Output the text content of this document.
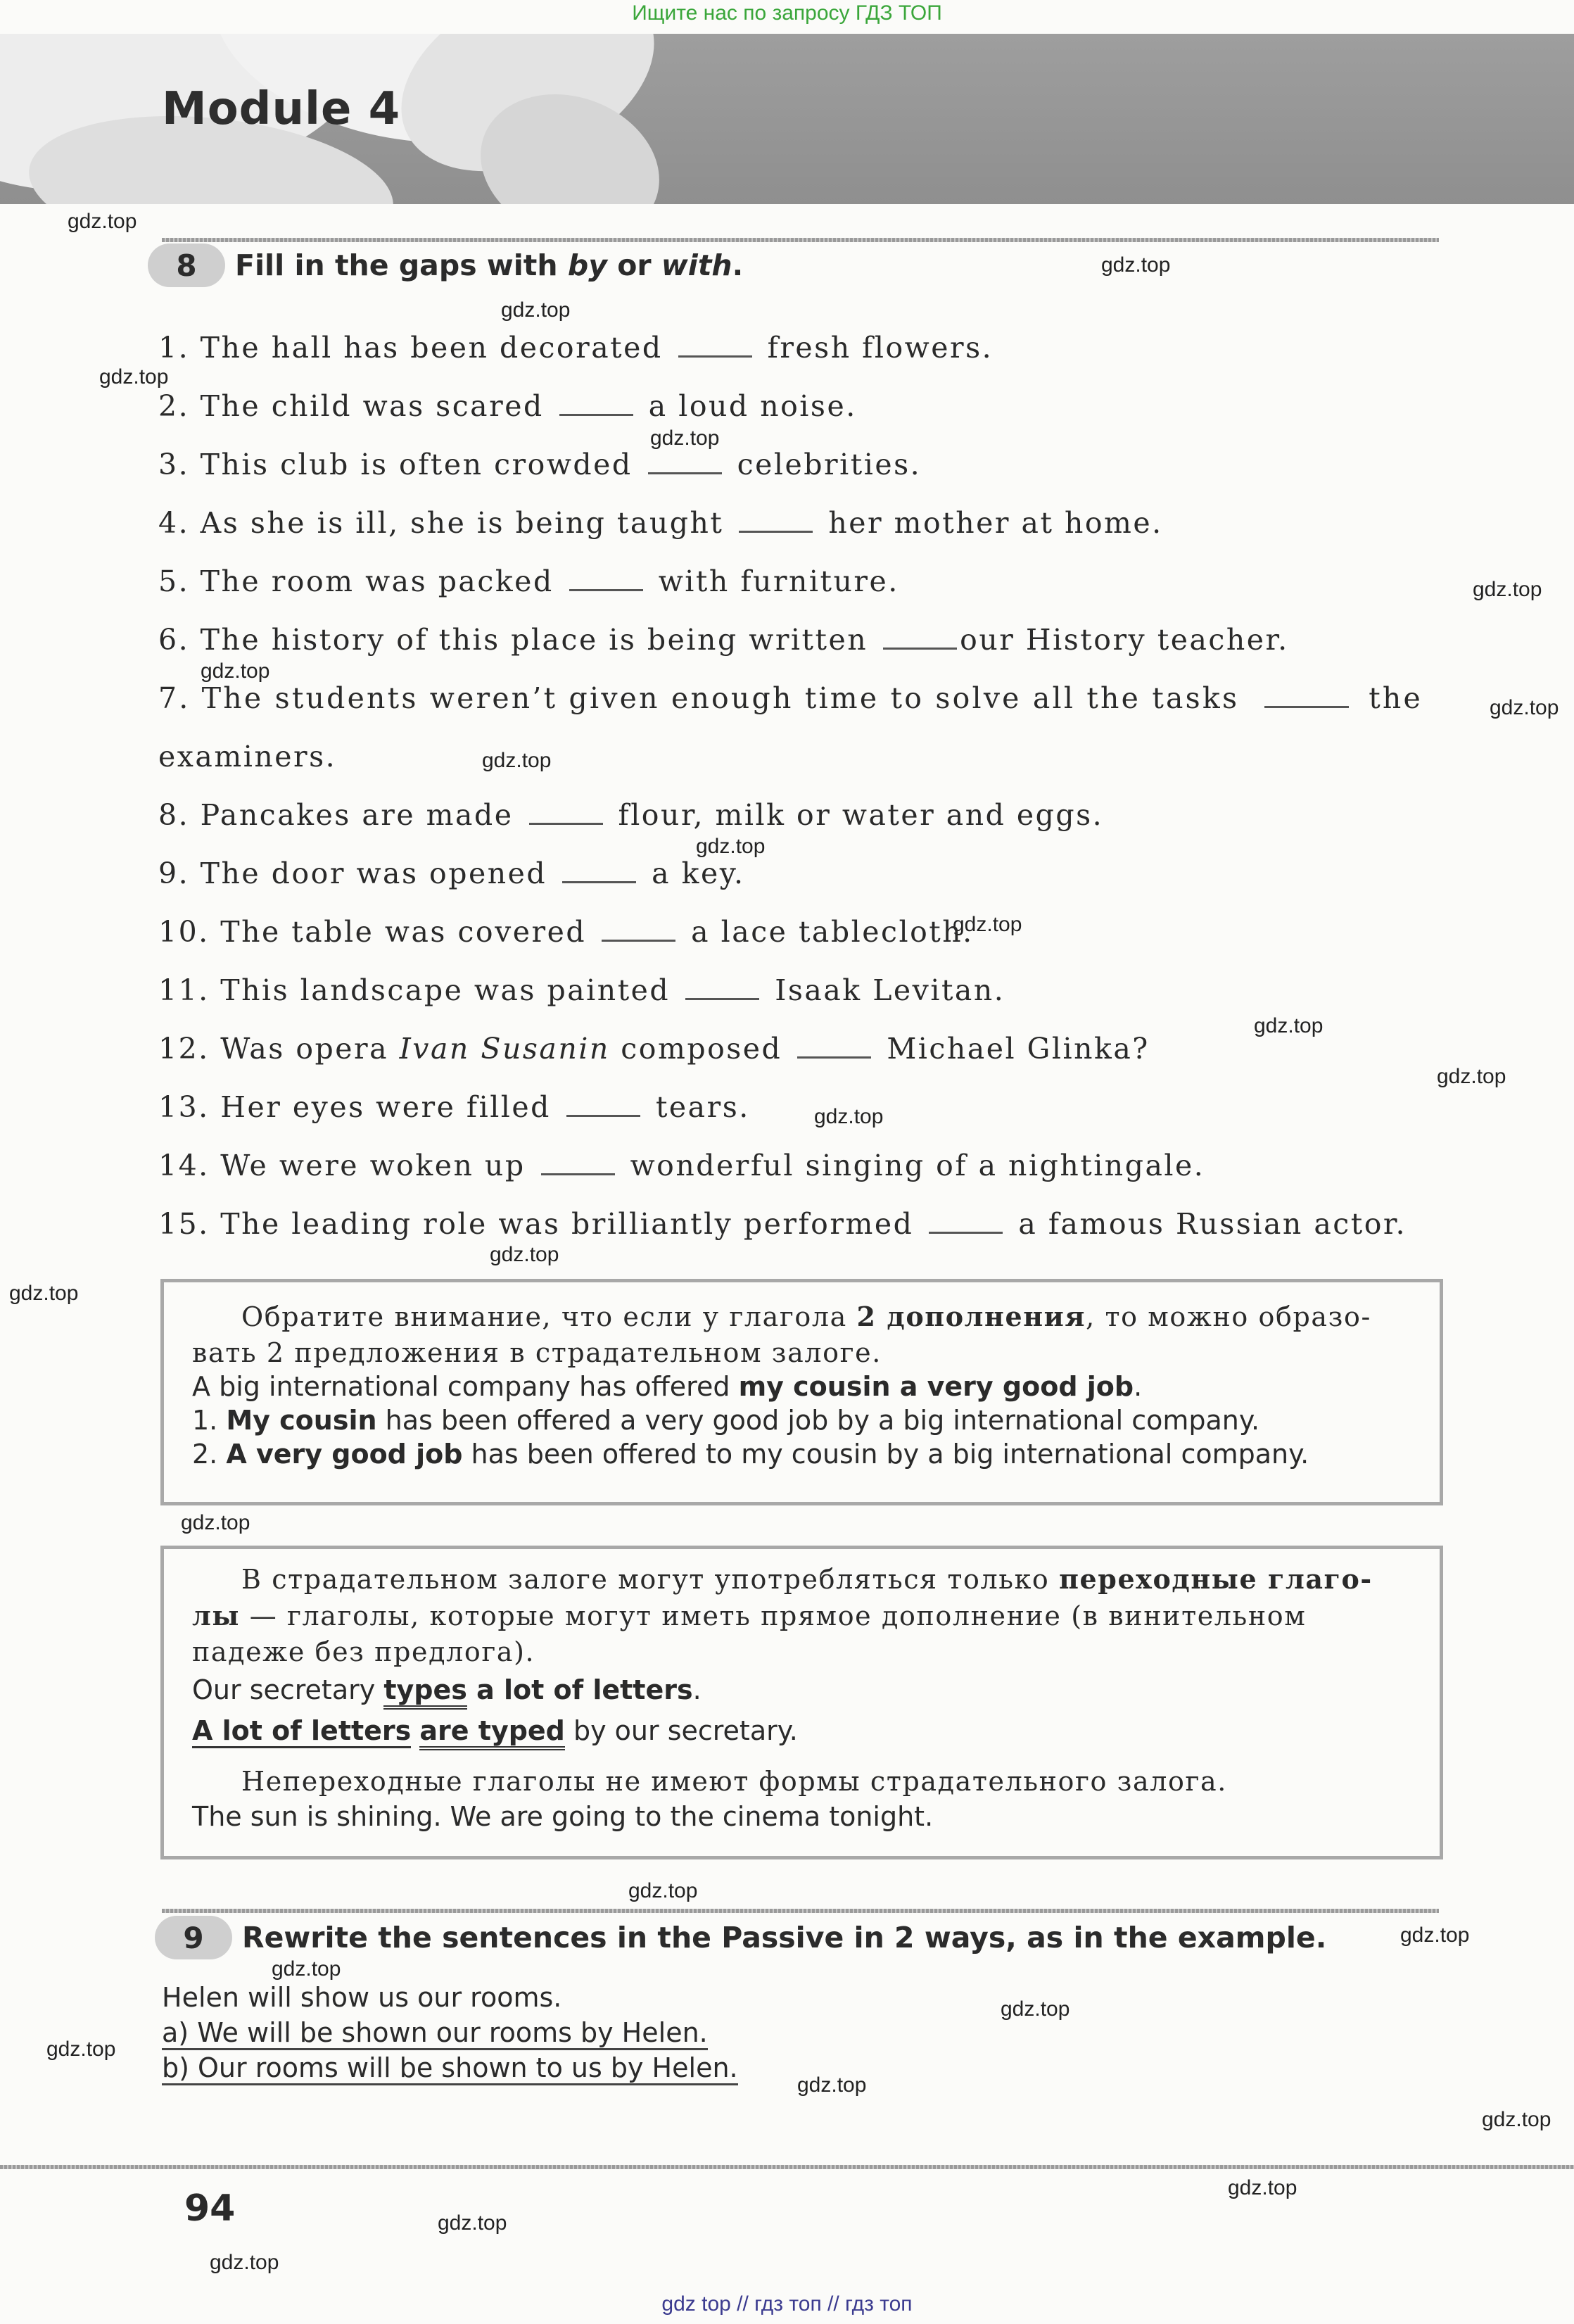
Ищите нас по запросу ГДЗ ТОП
Module 4
gdz.top
gdz.top
gdz.top
gdz.top
gdz.top
gdz.top
gdz.top
gdz.top
gdz.top
gdz.top
gdz.top
gdz.top
gdz.top
gdz.top
gdz.top
gdz.top
gdz.top
gdz.top
gdz.top
gdz.top
gdz.top
gdz.top
gdz.top
gdz.top
gdz.top
gdz.top
gdz.top
8	Fill in the gaps with by or with .
1. The hall has been decorated	fresh flowers.
2. The child was scared	a loud noise.
3. This club is often crowded	celebrities.
4. As she is ill, she is being taught	her mother at home.
5. The room was packed	with furniture.
6. The history of this place is being written	our History teacher.
7. The students weren’t given enough time to solve all the tasks	the
examiners.
8. Pancakes are made	flour, milk or water and eggs.
9. The door was opened	a key.
10. The table was covered	a lace tablecloth.
11. This landscape was painted	Isaak Levitan.
12. Was opera Ivan Susanin composed	Michael Glinka?
13. Her eyes were filled	tears.
14. We were woken up	wonderful singing of a nightingale.
15. The leading role was brilliantly performed	a famous Russian actor.
Обратите внимание, что если у глагола 2 дополнения, то можно образо-
вать 2 предложения в страдательном залоге.
A big international company has offered my cousin a very good job.
1. My cousin has been offered a very good job by a big international company.
2. A very good job has been offered to my cousin by a big international company.
В страдательном залоге могут употребляться только переходные глаго-
лы — глаголы, которые могут иметь прямое дополнение (в винительном
падеже без предлога).
Our secretary types a lot of letters.
A lot of letters are typed by our secretary.
Непереходные глаголы не имеют формы страдательного залога.
The sun is shining. We are going to the cinema tonight.
9	Rewrite the sentences in the Passive in 2 ways, as in the example.
Helen will show us our rooms.
a) We will be shown our rooms by Helen.
b) Our rooms will be shown to us by Helen.
94
gdz top // гдз топ // гдз топ
